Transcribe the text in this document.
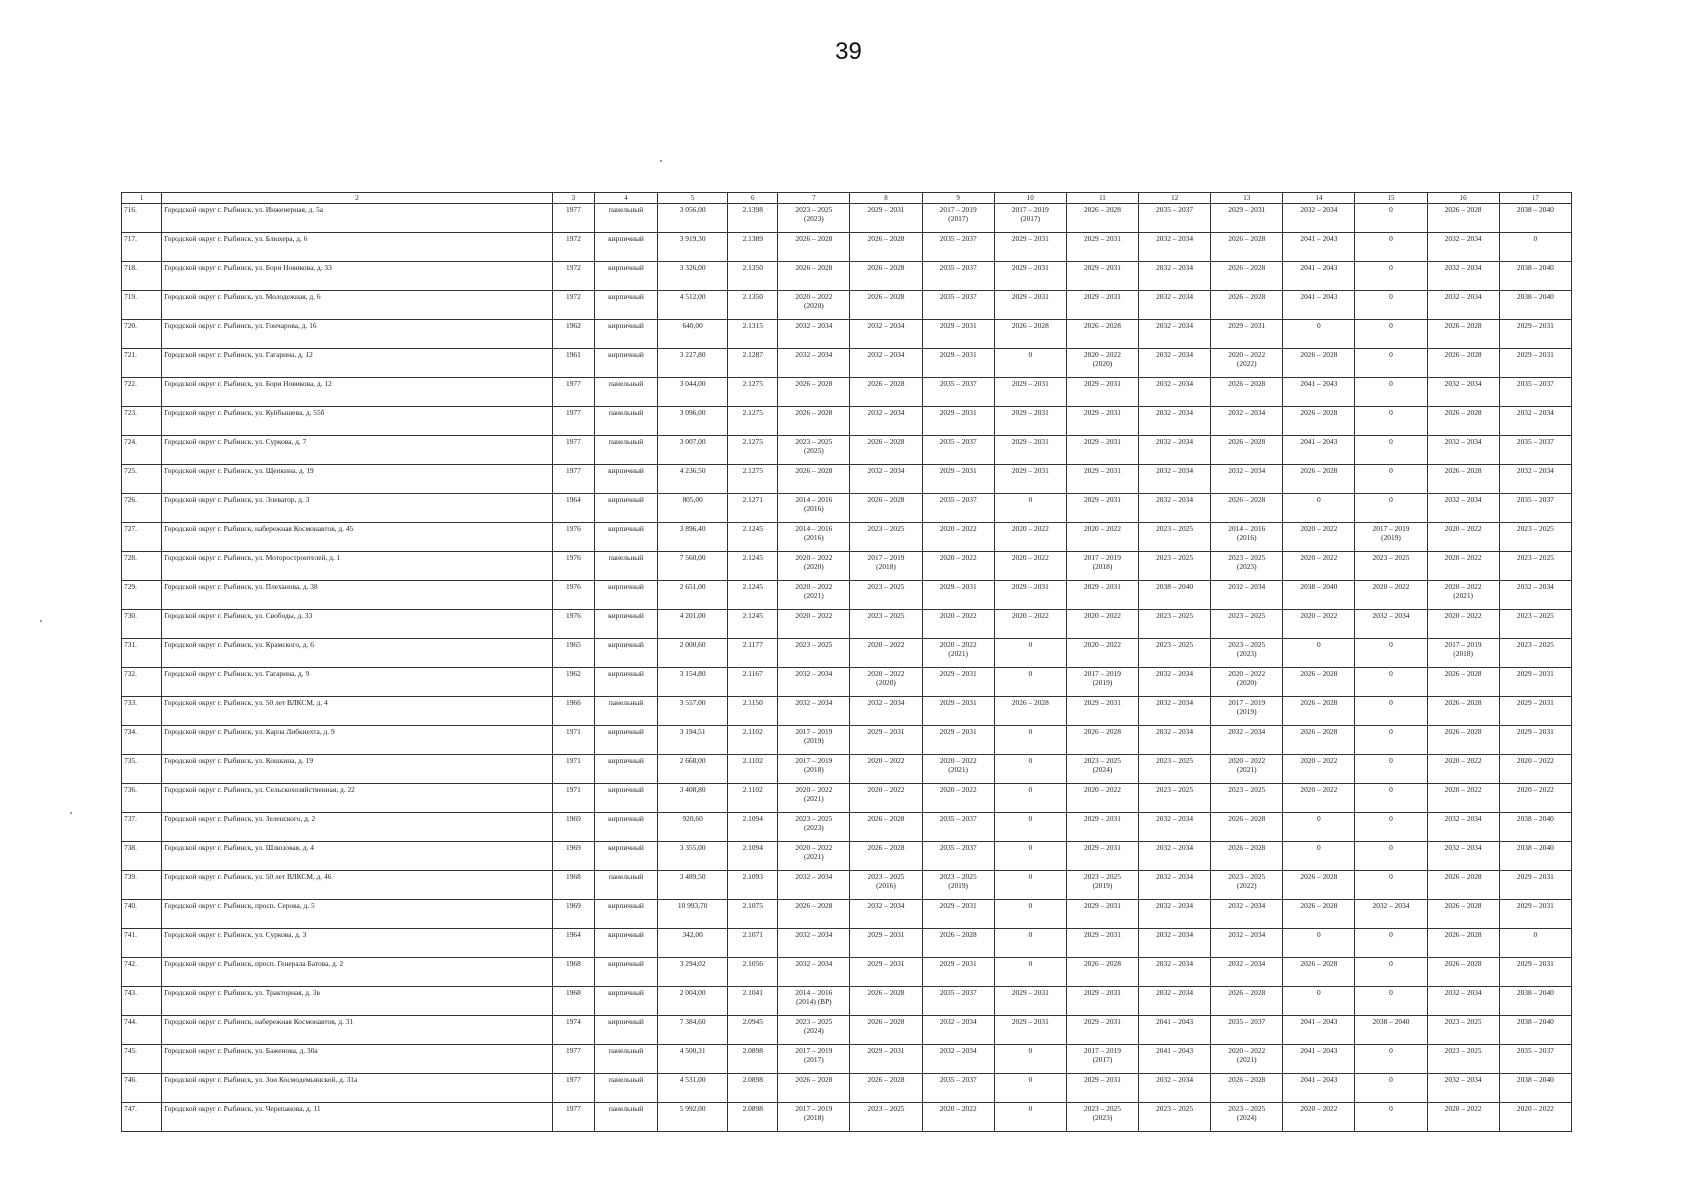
39
1	2	3	4	5	6	7	8	9	10	11	12	13	14	15	16	17
716.	Городской округ г. Рыбинск, ул. Инженерная, д. 5а	1977	панельный	3 056,00	2.1398	2023 – 2025
(2023)	2029 – 2031	2017 – 2019
(2017)	2017 – 2019
(2017)	2026 – 2028	2035 – 2037	2029 – 2031	2032 – 2034	0	2026 – 2028	2038 – 2040
717.	Городской округ г. Рыбинск, ул. Блюхера, д. 6	1972	кирпичный	3 919,30	2.1389	2026 – 2028	2026 – 2028	2035 – 2037	2029 – 2031	2029 – 2031	2032 – 2034	2026 – 2028	2041 – 2043	0	2032 – 2034	0
718.	Городской округ г. Рыбинск, ул. Бори Новикова, д. 33	1972	кирпичный	3 326,00	2.1350	2026 – 2028	2026 – 2028	2035 – 2037	2029 – 2031	2029 – 2031	2032 – 2034	2026 – 2028	2041 – 2043	0	2032 – 2034	2038 – 2040
719.	Городской округ г. Рыбинск, ул. Молодежная, д. 6	1972	кирпичный	4 512,00	2.1350	2020 – 2022
(2020)	2026 – 2028	2035 – 2037	2029 – 2031	2029 – 2031	2032 – 2034	2026 – 2028	2041 – 2043	0	2032 – 2034	2038 – 2040
720.	Городской округ г. Рыбинск, ул. Гончарова, д. 16	1962	кирпичный	640,00	2.1315	2032 – 2034	2032 – 2034	2029 – 2031	2026 – 2028	2026 – 2028	2032 – 2034	2029 – 2031	0	0	2026 – 2028	2029 – 2031
721.	Городской округ г. Рыбинск, ул. Гагарина, д. 12	1961	кирпичный	3 227,80	2.1287	2032 – 2034	2032 – 2034	2029 – 2031	0	2020 – 2022
(2020)	2032 – 2034	2020 – 2022
(2022)	2026 – 2028	0	2026 – 2028	2029 – 2031
722.	Городской округ г. Рыбинск, ул. Бори Новикова, д. 12	1977	панельный	3 044,00	2.1275	2026 – 2028	2026 – 2028	2035 – 2037	2029 – 2031	2029 – 2031	2032 – 2034	2026 – 2028	2041 – 2043	0	2032 – 2034	2035 – 2037
723.	Городской округ г. Рыбинск, ул. Куйбышева, д. 55б	1977	панельный	3 096,00	2.1275	2026 – 2028	2032 – 2034	2029 – 2031	2029 – 2031	2029 – 2031	2032 – 2034	2032 – 2034	2026 – 2028	0	2026 – 2028	2032 – 2034
724.	Городской округ г. Рыбинск, ул. Суркова, д. 7	1977	панельный	3 007,00	2.1275	2023 – 2025
(2025)	2026 – 2028	2035 – 2037	2029 – 2031	2029 – 2031	2032 – 2034	2026 – 2028	2041 – 2043	0	2032 – 2034	2035 – 2037
725.	Городской округ г. Рыбинск, ул. Щепкина, д. 19	1977	кирпичный	4 236,50	2.1275	2026 – 2028	2032 – 2034	2029 – 2031	2029 – 2031	2029 – 2031	2032 – 2034	2032 – 2034	2026 – 2028	0	2026 – 2028	2032 – 2034
726.	Городской округ г. Рыбинск, ул. Элеватор, д. 3	1964	кирпичный	805,00	2.1271	2014 – 2016
(2016)	2026 – 2028	2035 – 2037	0	2029 – 2031	2032 – 2034	2026 – 2028	0	0	2032 – 2034	2035 – 2037
727.	Городской округ г. Рыбинск, набережная Космонавтов, д. 45	1976	кирпичный	3 896,40	2.1245	2014 – 2016
(2016)	2023 – 2025	2020 – 2022	2020 – 2022	2020 – 2022	2023 – 2025	2014 – 2016
(2016)	2020 – 2022	2017 – 2019
(2019)	2020 – 2022	2023 – 2025
728.	Городской округ г. Рыбинск, ул. Моторостроителей, д. 1	1976	панельный	7 560,00	2.1245	2020 – 2022
(2020)	2017 – 2019
(2018)	2020 – 2022	2020 – 2022	2017 – 2019
(2018)	2023 – 2025	2023 – 2025
(2023)	2020 – 2022	2023 – 2025	2020 – 2022	2023 – 2025
729.	Городской округ г. Рыбинск, ул. Плеханова, д. 38	1976	кирпичный	2 651,00	2.1245	2020 – 2022
(2021)	2023 – 2025	2029 – 2031	2029 – 2031	2029 – 2031	2038 – 2040	2032 – 2034	2038 – 2040	2020 – 2022	2020 – 2022
(2021)	2032 – 2034
730.	Городской округ г. Рыбинск, ул. Свободы, д. 33	1976	кирпичный	4 201,00	2.1245	2020 – 2022	2023 – 2025	2020 – 2022	2020 – 2022	2020 – 2022	2023 – 2025	2023 – 2025	2020 – 2022	2032 – 2034	2020 – 2022	2023 – 2025
731.	Городской округ г. Рыбинск, ул. Крамского, д. 6	1965	кирпичный	2 000,60	2.1177	2023 – 2025	2020 – 2022	2020 – 2022
(2021)	0	2020 – 2022	2023 – 2025	2023 – 2025
(2023)	0	0	2017 – 2019
(2018)	2023 – 2025
732.	Городской округ г. Рыбинск, ул. Гагарина, д. 9	1962	кирпичный	3 154,80	2.1167	2032 – 2034	2020 – 2022
(2020)	2029 – 2031	0	2017 – 2019
(2019)	2032 – 2034	2020 – 2022
(2020)	2026 – 2028	0	2026 – 2028	2029 – 2031
733.	Городской округ г. Рыбинск, ул. 50 лет ВЛКСМ, д. 4	1966	панельный	3 557,00	2.1150	2032 – 2034	2032 – 2034	2029 – 2031	2026 – 2028	2029 – 2031	2032 – 2034	2017 – 2019
(2019)	2026 – 2028	0	2026 – 2028	2029 – 2031
734.	Городской округ г. Рыбинск, ул. Карла Либкнехта, д. 9	1971	кирпичный	3 194,51	2.1102	2017 – 2019
(2019)	2029 – 2031	2029 – 2031	0	2026 – 2028	2032 – 2034	2032 – 2034	2026 – 2028	0	2026 – 2028	2029 – 2031
735.	Городской округ г. Рыбинск, ул. Кошкина, д. 19	1971	кирпичный	2 668,00	2.1102	2017 – 2019
(2018)	2020 – 2022	2020 – 2022
(2021)	0	2023 – 2025
(2024)	2023 – 2025	2020 – 2022
(2021)	2020 – 2022	0	2020 – 2022	2020 – 2022
736.	Городской округ г. Рыбинск, ул. Сельскохозяйственная, д. 22	1971	кирпичный	3 408,80	2.1102	2020 – 2022
(2021)	2020 – 2022	2020 – 2022	0	2020 – 2022	2023 – 2025	2023 – 2025	2020 – 2022	0	2020 – 2022	2020 – 2022
737.	Городской округ г. Рыбинск, ул. Зеленского, д. 2	1969	кирпичный	920,60	2.1094	2023 – 2025
(2023)	2026 – 2028	2035 – 2037	0	2029 – 2031	2032 – 2034	2026 – 2028	0	0	2032 – 2034	2038 – 2040
738.	Городской округ г. Рыбинск, ул. Шлюзовая, д. 4	1969	кирпичный	3 355,00	2.1094	2020 – 2022
(2021)	2026 – 2028	2035 – 2037	0	2029 – 2031	2032 – 2034	2026 – 2028	0	0	2032 – 2034	2038 – 2040
739.	Городской округ г. Рыбинск, ул. 50 лет ВЛКСМ, д. 46	1968	панельный	3 489,50	2.1093	2032 – 2034	2023 – 2025
(2016)	2023 – 2025
(2019)	0	2023 – 2025
(2019)	2032 – 2034	2023 – 2025
(2022)	2026 – 2028	0	2026 – 2028	2029 – 2031
740.	Городской округ г. Рыбинск, просп. Серова, д. 5	1969	кирпичный	10 993,70	2.1075	2026 – 2028	2032 – 2034	2029 – 2031	0	2029 – 2031	2032 – 2034	2032 – 2034	2026 – 2028	2032 – 2034	2026 – 2028	2029 – 2031
741.	Городской округ г. Рыбинск, ул. Суркова, д. 3	1964	кирпичный	342,00	2.1071	2032 – 2034	2029 – 2031	2026 – 2028	0	2029 – 2031	2032 – 2034	2032 – 2034	0	0	2026 – 2028	0
742.	Городской округ г. Рыбинск, просп. Генерала Батова, д. 2	1968	кирпичный	3 294,02	2.1056	2032 – 2034	2029 – 2031	2029 – 2031	0	2026 – 2028	2032 – 2034	2032 – 2034	2026 – 2028	0	2026 – 2028	2029 – 2031
743.	Городской округ г. Рыбинск, ул. Тракторная, д. 3в	1968	кирпичный	2 004,00	2.1041	2014 – 2016
(2014) (ВР)	2026 – 2028	2035 – 2037	2029 – 2031	2029 – 2031	2032 – 2034	2026 – 2028	0	0	2032 – 2034	2038 – 2040
744.	Городской округ г. Рыбинск, набережная Космонавтов, д. 31	1974	кирпичный	7 384,60	2.0945	2023 – 2025
(2024)	2026 – 2028	2032 – 2034	2029 – 2031	2029 – 2031	2041 – 2043	2035 – 2037	2041 – 2043	2038 – 2040	2023 – 2025	2038 – 2040
745.	Городской округ г. Рыбинск, ул. Баженова, д. 30а	1977	панельный	4 500,31	2.0898	2017 – 2019
(2017)	2029 – 2031	2032 – 2034	0	2017 – 2019
(2017)	2041 – 2043	2020 – 2022
(2021)	2041 – 2043	0	2023 – 2025	2035 – 2037
746.	Городской округ г. Рыбинск, ул. Зои Космодемьянской, д. 31а	1977	панельный	4 531,00	2.0898	2026 – 2028	2026 – 2028	2035 – 2037	0	2029 – 2031	2032 – 2034	2026 – 2028	2041 – 2043	0	2032 – 2034	2038 – 2040
747.	Городской округ г. Рыбинск, ул. Черепанова, д. 11	1977	панельный	5 992,00	2.0898	2017 – 2019
(2018)	2023 – 2025	2020 – 2022	0	2023 – 2025
(2023)	2023 – 2025	2023 – 2025
(2024)	2020 – 2022	0	2020 – 2022	2020 – 2022
